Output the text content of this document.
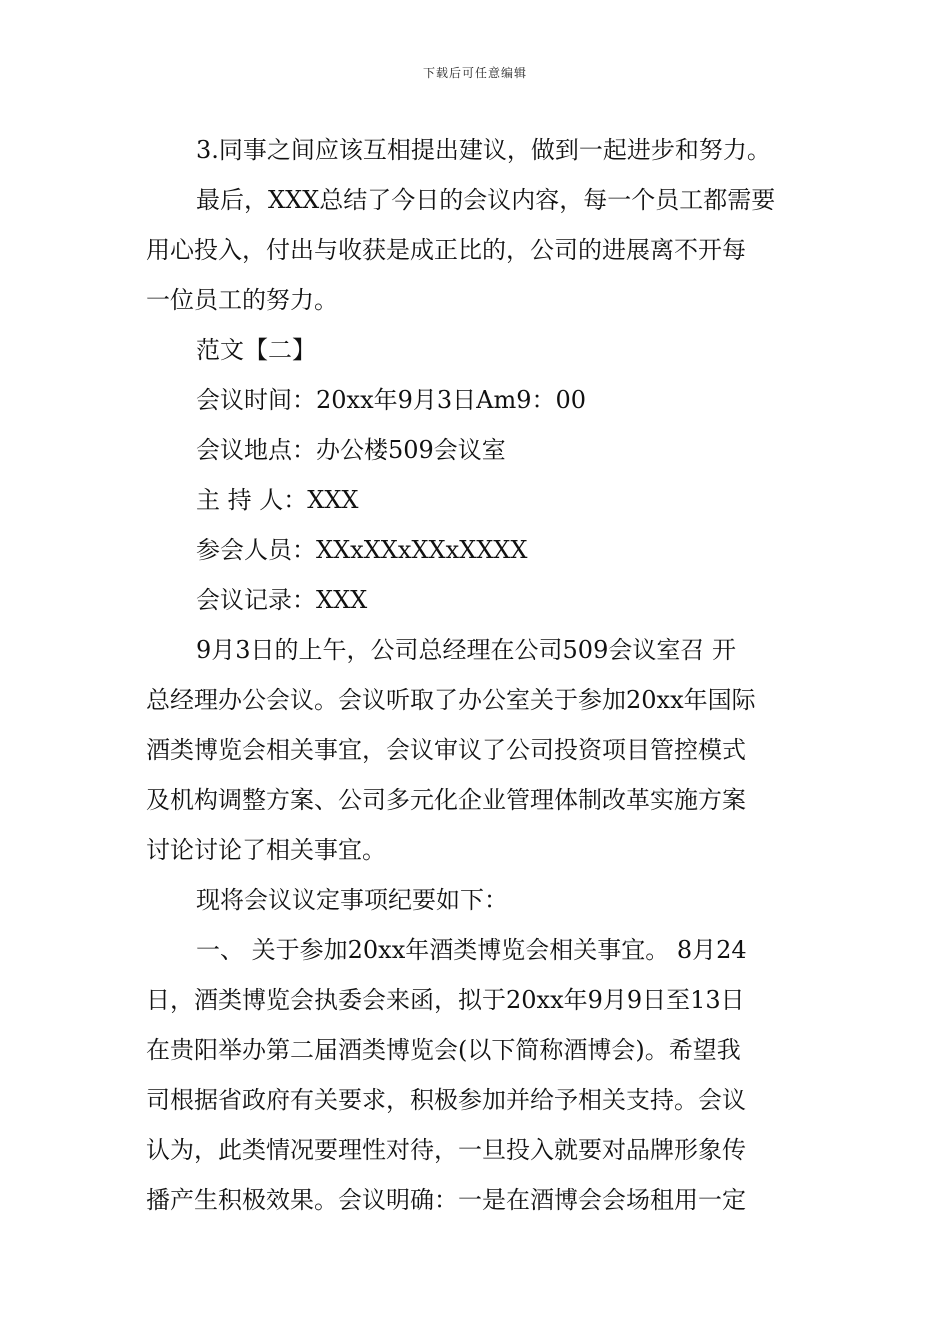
下载后可任意编辑

3.同事之间应该互相提出建议，做到一起进步和努力。

最后，XXX总结了今日的会议内容，每一个员工都需要

用心投入，付出与收获是成正比的，公司的进展离不开每

一位员工的努力。

范文【二】

会议时间：20xx年9月3日Am9：00

会议地点：办公楼509会议室

主 持 人：XXX

参会人员：XXxXXxXXxXXXX

会议记录：XXX

9月3日的上午，公司总经理在公司509会议室召 开

总经理办公会议。会议听取了办公室关于参加20xx年国际

酒类博览会相关事宜，会议审议了公司投资项目管控模式

及机构调整方案、公司多元化企业管理体制改革实施方案

讨论讨论了相关事宜。

现将会议议定事项纪要如下：

一、 关于参加20xx年酒类博览会相关事宜。 8月24

日，酒类博览会执委会来函，拟于20xx年9月9日至13日

在贵阳举办第二届酒类博览会(以下简称酒博会)。希望我

司根据省政府有关要求，积极参加并给予相关支持。会议

认为，此类情况要理性对待，一旦投入就要对品牌形象传

播产生积极效果。会议明确：一是在酒博会会场租用一定
